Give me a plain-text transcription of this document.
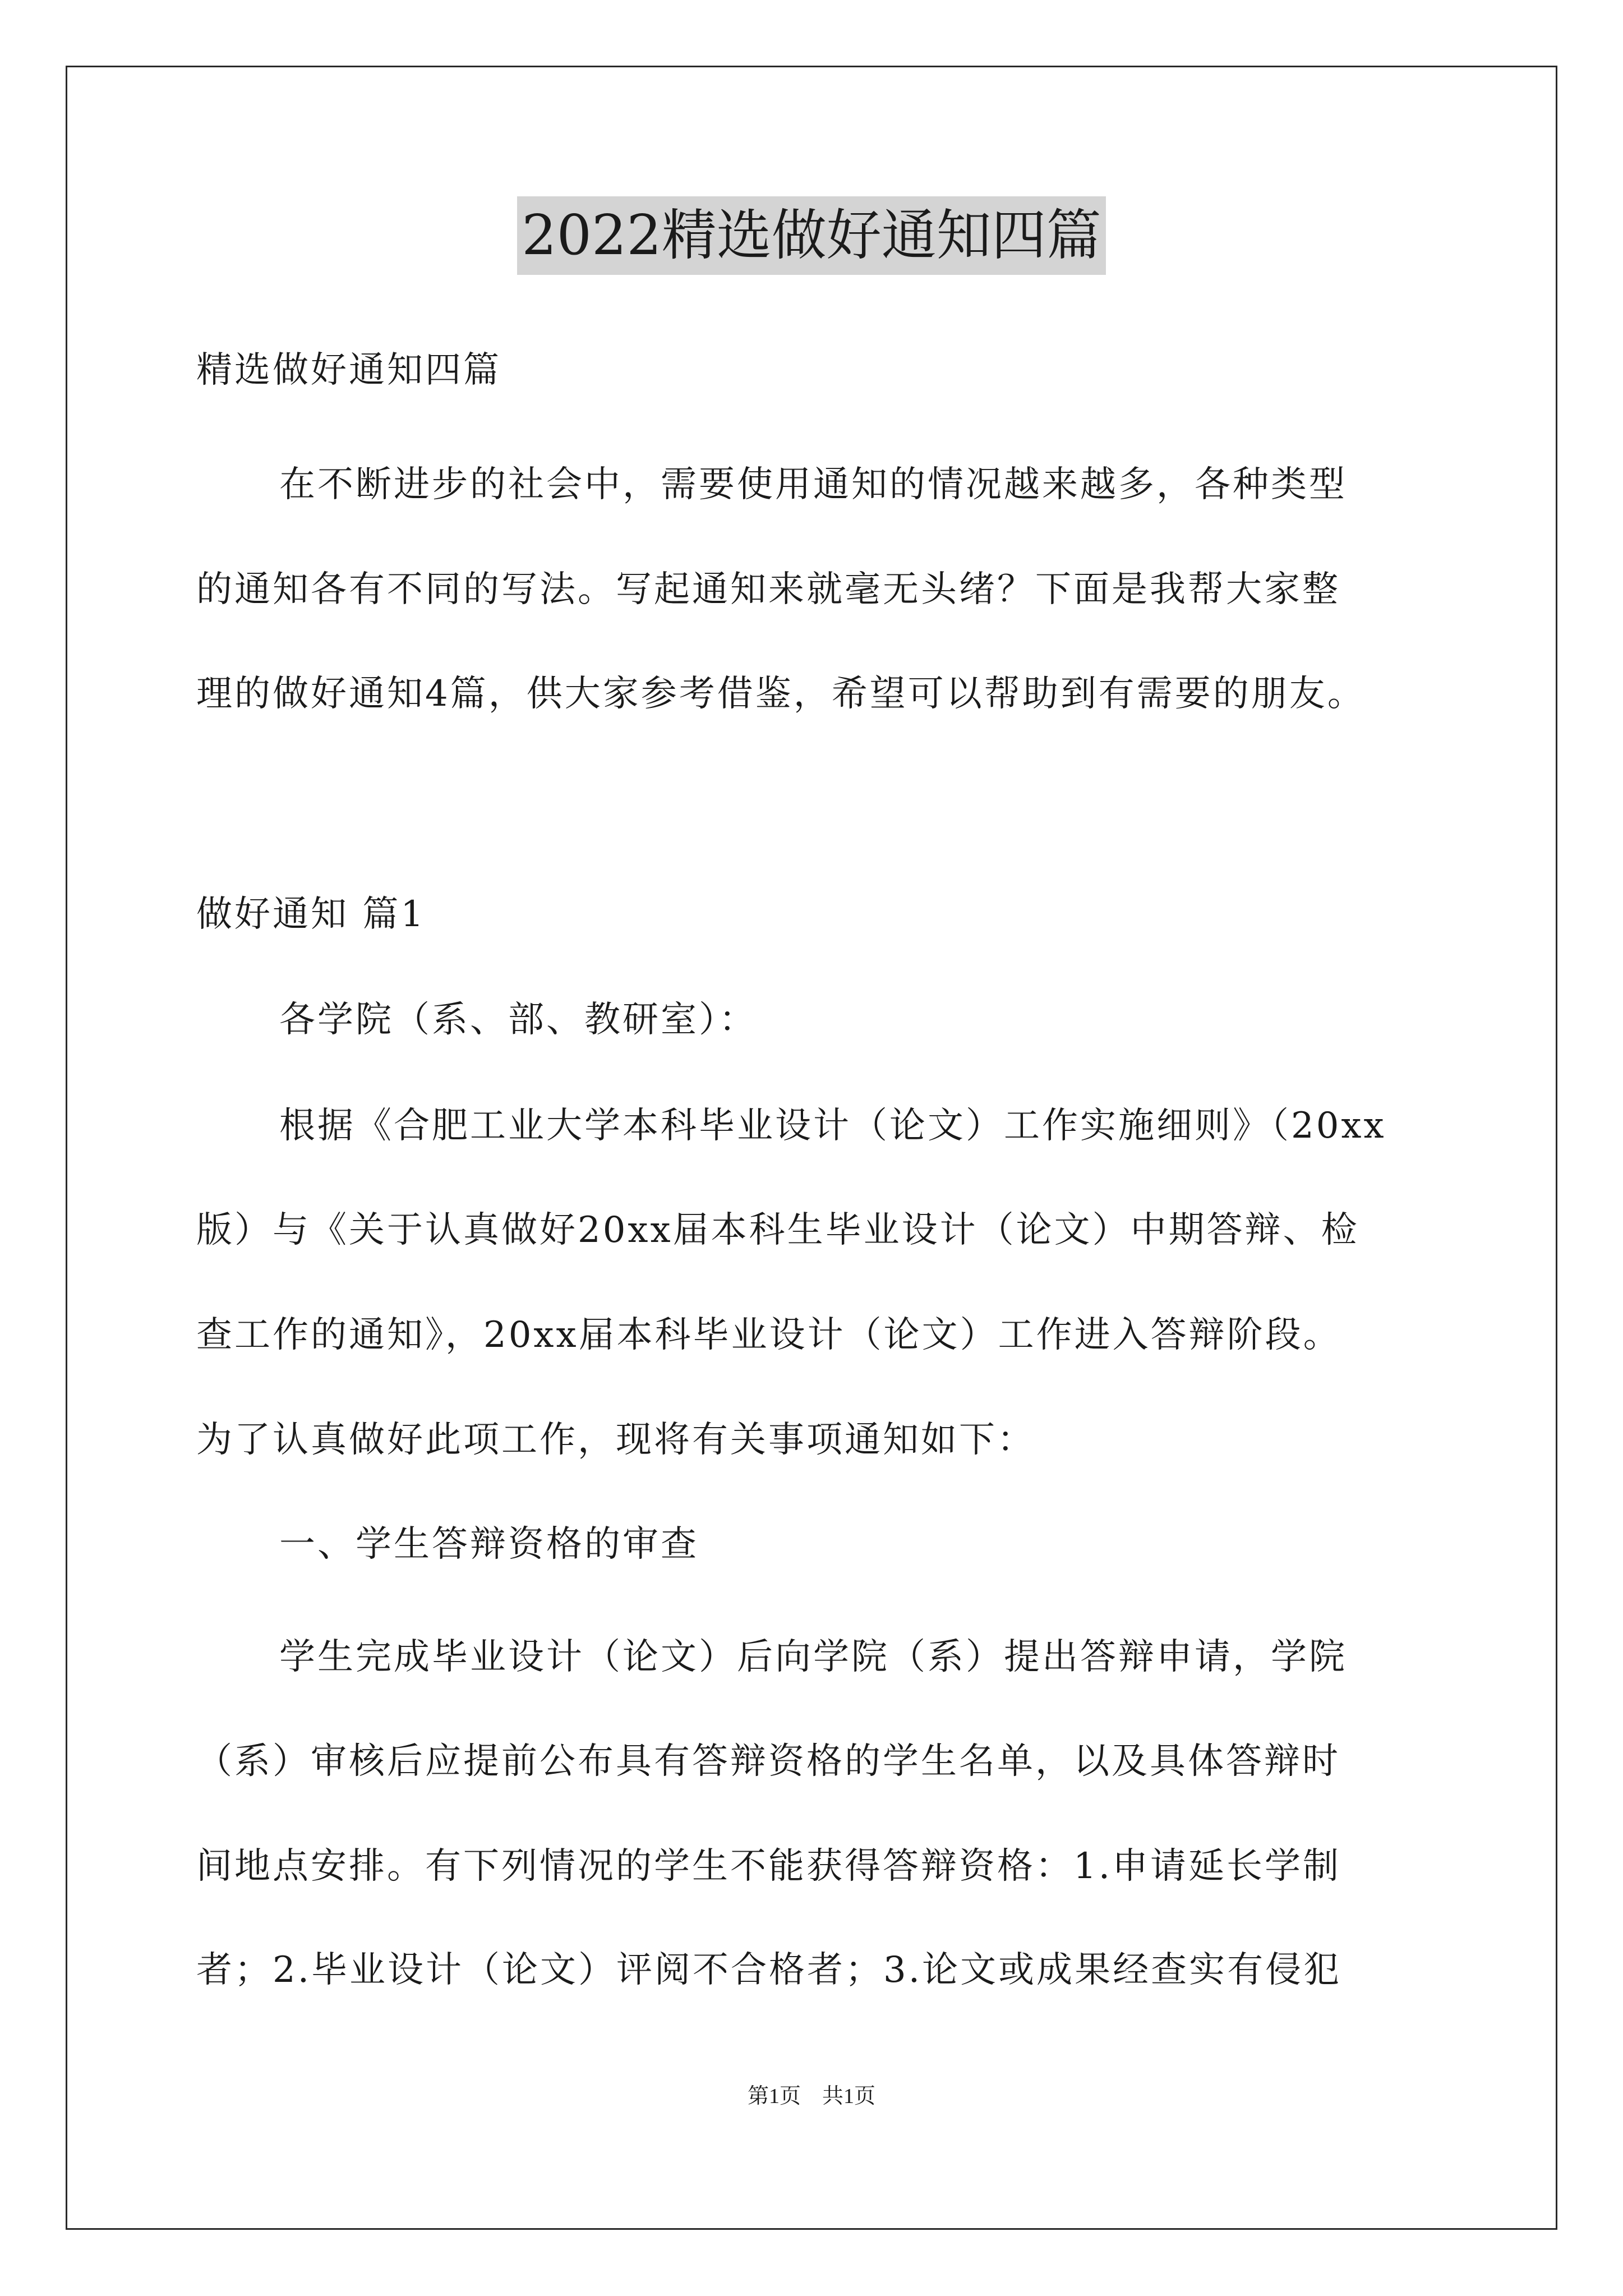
2022精选做好通知四篇
精选做好通知四篇
在不断进步的社会中，需要使用通知的情况越来越多，各种类型
的通知各有不同的写法。写起通知来就毫无头绪？下面是我帮大家整
理的做好通知4篇，供大家参考借鉴，希望可以帮助到有需要的朋友。
做好通知 篇1
各学院（系、部、教研室）：
根据《合肥工业大学本科毕业设计（论文）工作实施细则》（20xx
版）与《关于认真做好20xx届本科生毕业设计（论文）中期答辩、检
查工作的通知》，20xx届本科毕业设计（论文）工作进入答辩阶段。
为了认真做好此项工作，现将有关事项通知如下：
一、学生答辩资格的审查
学生完成毕业设计（论文）后向学院（系）提出答辩申请，学院
（系）审核后应提前公布具有答辩资格的学生名单，以及具体答辩时
间地点安排。有下列情况的学生不能获得答辩资格：1.申请延长学制
者；2.毕业设计（论文）评阅不合格者；3.论文或成果经查实有侵犯
第1页　共1页
